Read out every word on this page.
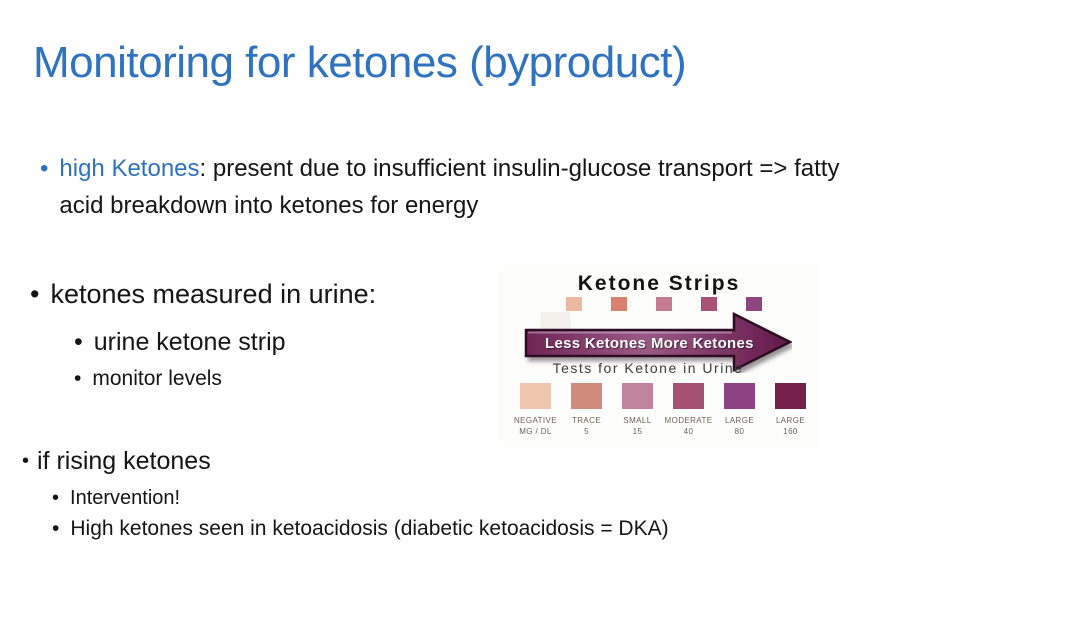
Monitoring for ketones (byproduct)
• high Ketones: present due to insufficient insulin-glucose transport => fatty
acid breakdown into ketones for energy
• ketones measured in urine:
• urine ketone strip
• monitor levels
• if rising ketones
• Intervention!
• High ketones seen in ketoacidosis (diabetic ketoacidosis = DKA)
Ketone Strips
Less Ketones More Ketones
Tests for Ketone in Urine
NEGATIVE
MG / DL
TRACE
5
SMALL
15
MODERATE
40
LARGE
80
LARGE
160
